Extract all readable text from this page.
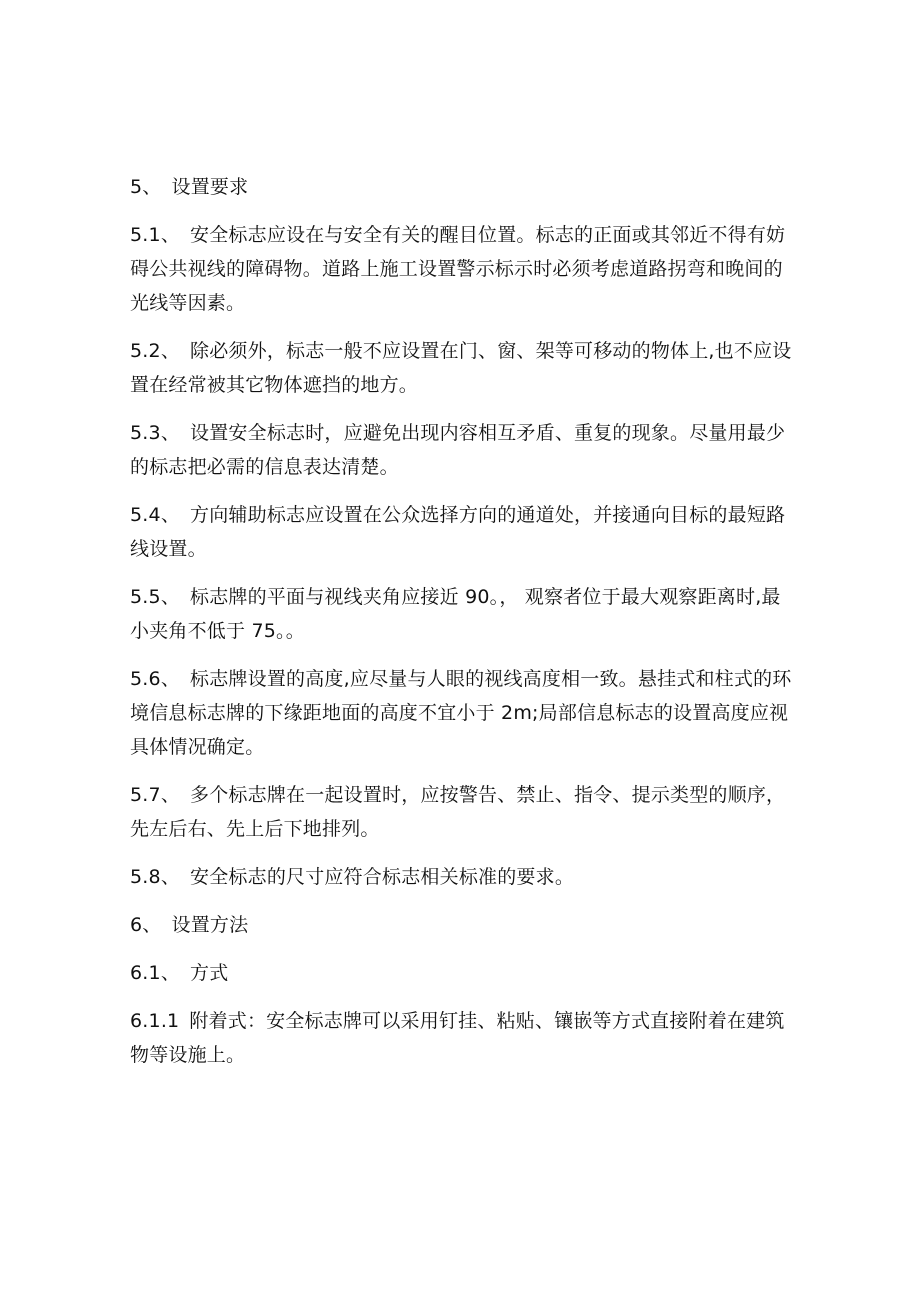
5、 设置要求

5.1、 安全标志应设在与安全有关的醒目位置。标志的正面或其邻近不得有妨碍公共视线的障碍物。道路上施工设置警示标示时必须考虑道路拐弯和晚间的光线等因素。

5.2、 除必须外，标志一般不应设置在门、窗、架等可移动的物体上,也不应设置在经常被其它物体遮挡的地方。

5.3、 设置安全标志时，应避免出现内容相互矛盾、重复的现象。尽量用最少的标志把必需的信息表达清楚。

5.4、 方向辅助标志应设置在公众选择方向的通道处，并接通向目标的最短路线设置。

5.5、 标志牌的平面与视线夹角应接近 90。， 观察者位于最大观察距离时,最小夹角不低于 75。。

5.6、 标志牌设置的高度,应尽量与人眼的视线高度相一致。悬挂式和柱式的环境信息标志牌的下缘距地面的高度不宜小于 2m;局部信息标志的设置高度应视具体情况确定。

5.7、 多个标志牌在一起设置时，应按警告、禁止、指令、提示类型的顺序，先左后右、先上后下地排列。

5.8、 安全标志的尺寸应符合标志相关标准的要求。

6、 设置方法

6.1、 方式

6.1.1 附着式：安全标志牌可以采用钉挂、粘贴、镶嵌等方式直接附着在建筑物等设施上。
